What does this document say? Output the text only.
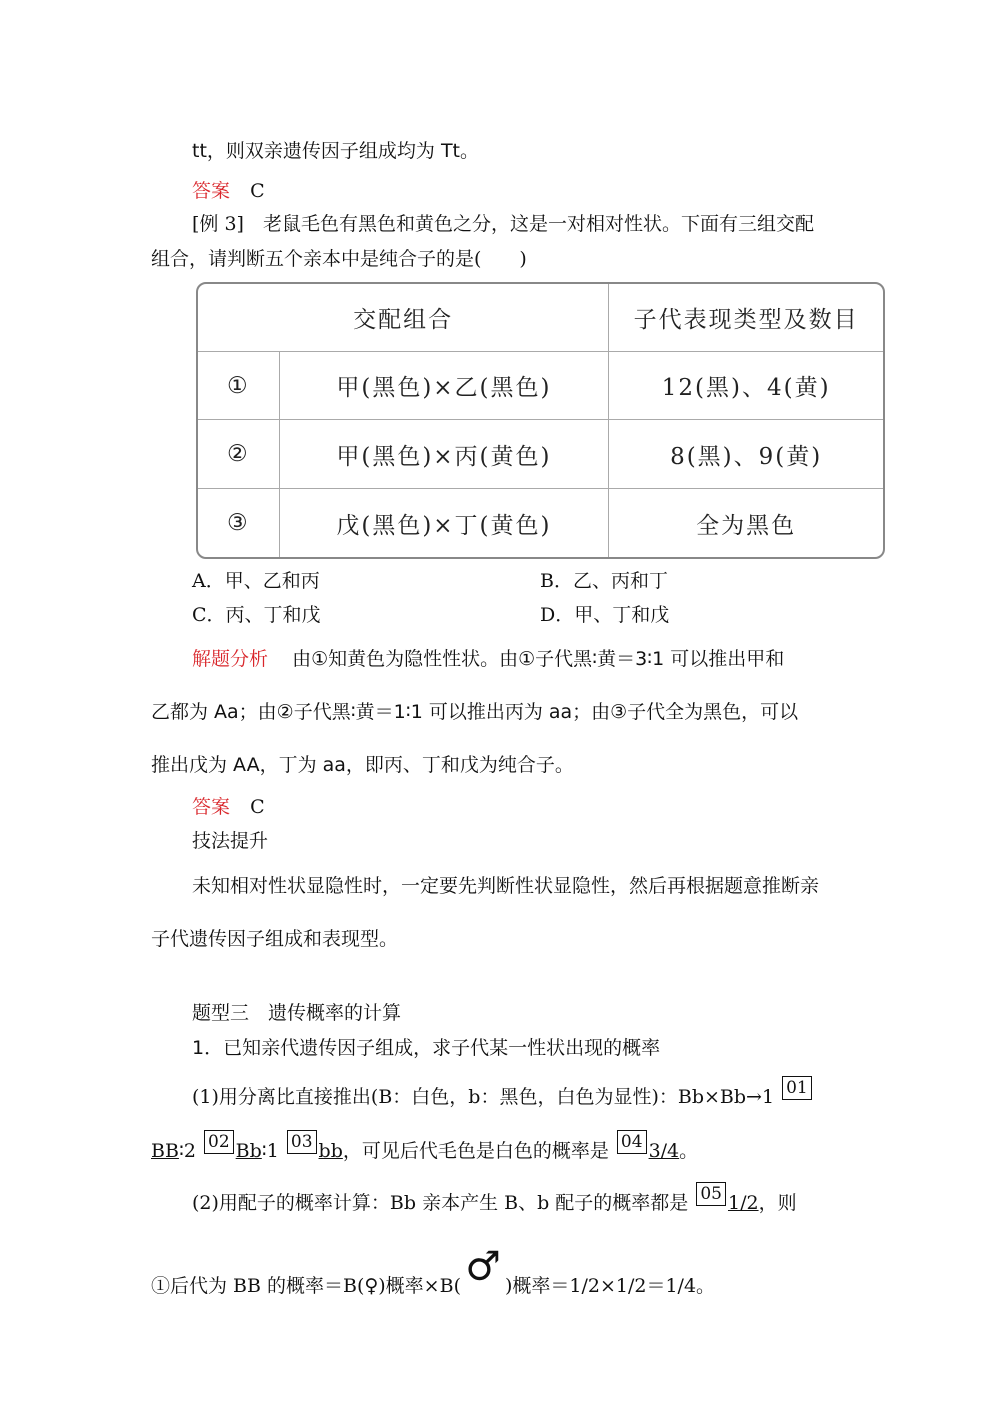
tt，则双亲遗传因子组成均为 Tt。
答案 C
[例 3]　老鼠毛色有黑色和黄色之分，这是一对相对性状。下面有三组交配
组合，请判断五个亲本中是纯合子的是(　　)
交配组合		子代表现类型及数目
①	甲(黑色)×乙(黑色)	12(黑)、4(黄)
②	甲(黑色)×丙(黄色)	8(黑)、9(黄)
③	戊(黑色)×丁(黄色)	全为黑色
A．甲、乙和丙	B．乙、丙和丁
C．丙、丁和戊	D．甲、丁和戊
解题分析 由①知黄色为隐性性状。由①子代黑∶黄＝3∶1 可以推出甲和
乙都为 Aa；由②子代黑∶黄＝1∶1 可以推出丙为 aa；由③子代全为黑色，可以
推出戊为 AA，丁为 aa，即丙、丁和戊为纯合子。
答案 C
技法提升
未知相对性状显隐性时，一定要先判断性状显隐性，然后再根据题意推断亲
子代遗传因子组成和表现型。
题型三　遗传概率的计算
1．已知亲代遗传因子组成，求子代某一性状出现的概率
(1)用分离比直接推出(B：白色，b：黑色，白色为显性)：Bb×Bb→1 01
BB∶2 02 Bb∶1 03 bb，可见后代毛色是白色的概率是 04 3/4。
(2)用配子的概率计算：Bb 亲本产生 B、b 配子的概率都是 05 1/2，则
①后代为 BB 的概率＝B(♀)概率×B( ♂ )概率＝1/2×1/2＝1/4。
